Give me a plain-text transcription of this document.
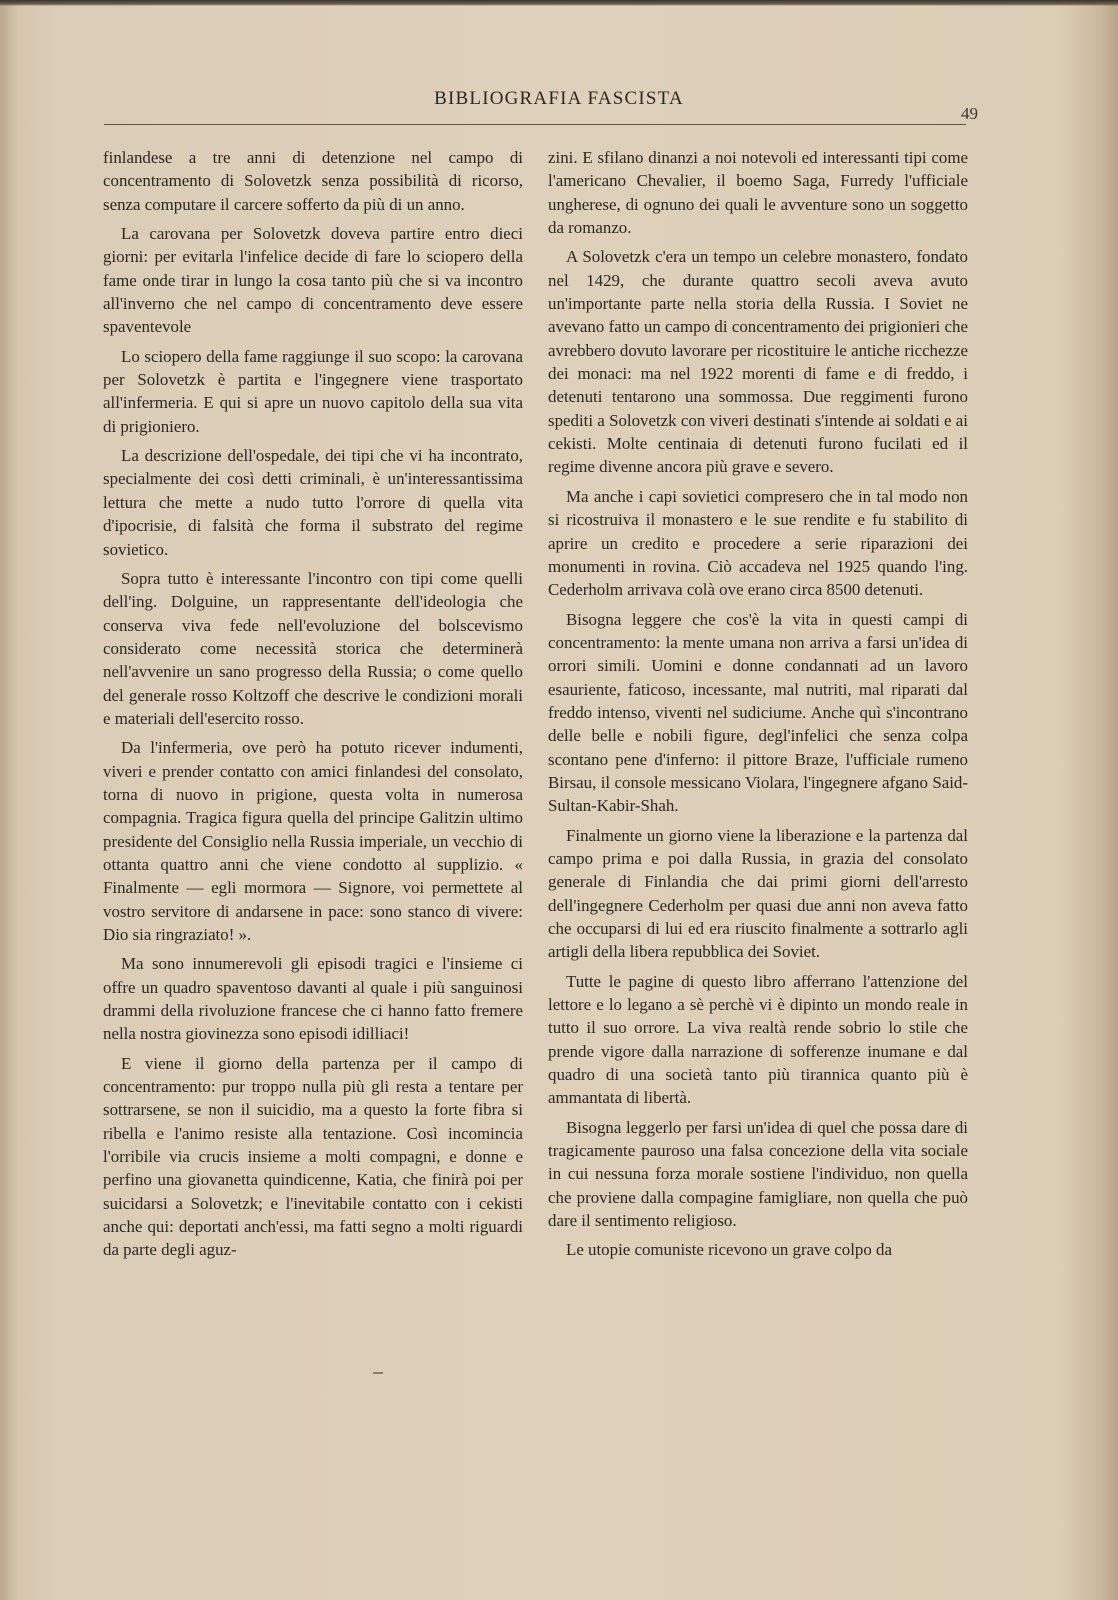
BIBLIOGRAFIA FASCISTA
49

finlandese a tre anni di detenzione nel campo di concentramento di Solovetzk senza possibilità di ricorso, senza computare il carcere sofferto da più di un anno.

La carovana per Solovetzk doveva partire entro dieci giorni: per evitarla l'infelice decide di fare lo sciopero della fame onde tirar in lungo la cosa tanto più che si va incontro all'inverno che nel campo di concentramento deve essere spaventevole

Lo sciopero della fame raggiunge il suo scopo: la carovana per Solovetzk è partita e l'ingegnere viene trasportato all'infermeria. E qui si apre un nuovo capitolo della sua vita di prigioniero.

La descrizione dell'ospedale, dei tipi che vi ha incontrato, specialmente dei così detti criminali, è un'interessantissima lettura che mette a nudo tutto l'orrore di quella vita d'ipocrisie, di falsità che forma il substrato del regime sovietico.

Sopra tutto è interessante l'incontro con tipi come quelli dell'ing. Dolguine, un rappresentante dell'ideologia che conserva viva fede nell'evoluzione del bolscevismo considerato come necessità storica che determinerà nell'avvenire un sano progresso della Russia; o come quello del generale rosso Koltzoff che descrive le condizioni morali e materiali dell'esercito rosso.

Da l'infermeria, ove però ha potuto ricever indumenti, viveri e prender contatto con amici finlandesi del consolato, torna di nuovo in prigione, questa volta in numerosa compagnia. Tragica figura quella del principe Galitzin ultimo presidente del Consiglio nella Russia imperiale, un vecchio di ottanta quattro anni che viene condotto al supplizio. « Finalmente — egli mormora — Signore, voi permettete al vostro servitore di andarsene in pace: sono stanco di vivere: Dio sia ringraziato! ».

Ma sono innumerevoli gli episodi tragici e l'insieme ci offre un quadro spaventoso davanti al quale i più sanguinosi drammi della rivoluzione francese che ci hanno fatto fremere nella nostra giovinezza sono episodi idilliaci!

E viene il giorno della partenza per il campo di concentramento: pur troppo nulla più gli resta a tentare per sottrarsene, se non il suicidio, ma a questo la forte fibra si ribella e l'animo resiste alla tentazione. Così incomincia l'orribile via crucis insieme a molti compagni, e donne e perfino una giovanetta quindicenne, Katia, che finirà poi per suicidarsi a Solovetzk; e l'inevitabile contatto con i cekisti anche qui: deportati anch'essi, ma fatti segno a molti riguardi da parte degli aguz-

zini. E sfilano dinanzi a noi notevoli ed interessanti tipi come l'americano Chevalier, il boemo Saga, Furredy l'ufficiale ungherese, di ognuno dei quali le avventure sono un soggetto da romanzo.

A Solovetzk c'era un tempo un celebre monastero, fondato nel 1429, che durante quattro secoli aveva avuto un'importante parte nella storia della Russia. I Soviet ne avevano fatto un campo di concentramento dei prigionieri che avrebbero dovuto lavorare per ricostituire le antiche ricchezze dei monaci: ma nel 1922 morenti di fame e di freddo, i detenuti tentarono una sommossa. Due reggimenti furono spediti a Solovetzk con viveri destinati s'intende ai soldati e ai cekisti. Molte centinaia di detenuti furono fucilati ed il regime divenne ancora più grave e severo.

Ma anche i capi sovietici compresero che in tal modo non si ricostruiva il monastero e le sue rendite e fu stabilito di aprire un credito e procedere a serie riparazioni dei monumenti in rovina. Ciò accadeva nel 1925 quando l'ing. Cederholm arrivava colà ove erano circa 8500 detenuti.

Bisogna leggere che cos'è la vita in questi campi di concentramento: la mente umana non arriva a farsi un'idea di orrori simili. Uomini e donne condannati ad un lavoro esauriente, faticoso, incessante, mal nutriti, mal riparati dal freddo intenso, viventi nel sudiciume. Anche quì s'incontrano delle belle e nobili figure, degl'infelici che senza colpa scontano pene d'inferno: il pittore Braze, l'ufficiale rumeno Birsau, il console messicano Violara, l'ingegnere afgano Said-Sultan-Kabir-Shah.

Finalmente un giorno viene la liberazione e la partenza dal campo prima e poi dalla Russia, in grazia del consolato generale di Finlandia che dai primi giorni dell'arresto dell'ingegnere Cederholm per quasi due anni non aveva fatto che occuparsi di lui ed era riuscito finalmente a sottrarlo agli artigli della libera repubblica dei Soviet.

Tutte le pagine di questo libro afferrano l'attenzione del lettore e lo legano a sè perchè vi è dipinto un mondo reale in tutto il suo orrore. La viva realtà rende sobrio lo stile che prende vigore dalla narrazione di sofferenze inumane e dal quadro di una società tanto più tirannica quanto più è ammantata di libertà.

Bisogna leggerlo per farsi un'idea di quel che possa dare di tragicamente pauroso una falsa concezione della vita sociale in cui nessuna forza morale sostiene l'individuo, non quella che proviene dalla compagine famigliare, non quella che può dare il sentimento religioso.

Le utopie comuniste ricevono un grave colpo da
